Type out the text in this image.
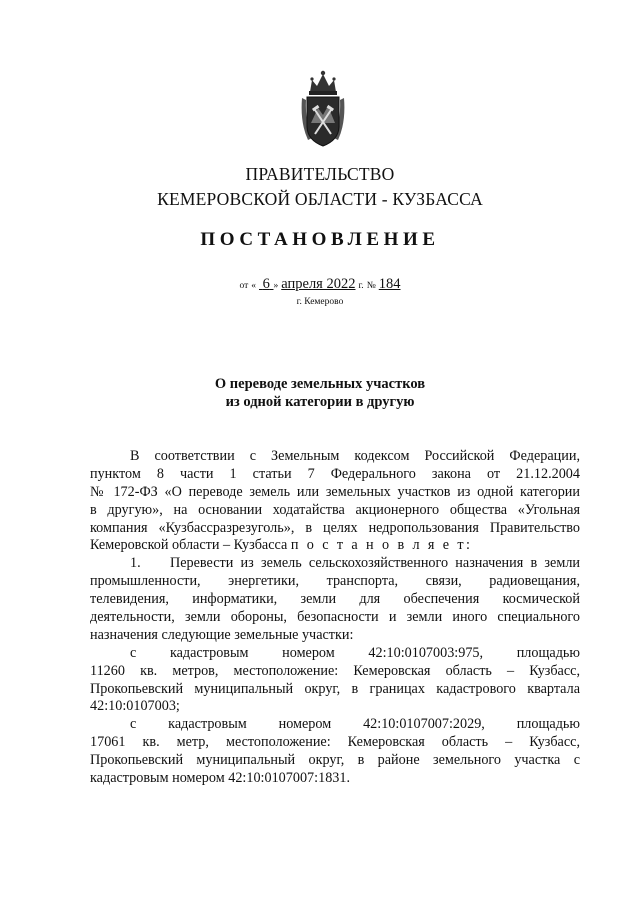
ПРАВИТЕЛЬСТВО
КЕМЕРОВСКОЙ ОБЛАСТИ - КУЗБАССА
ПОСТАНОВЛЕНИЕ
от « 6 » апреля 2022 г. № 184
г. Кемерово
О переводе земельных участков
из одной категории в другую
В соответствии с Земельным кодексом Российской Федерации,
пунктом 8 части 1 статьи 7 Федерального закона от 21.12.2004
№ 172-ФЗ «О переводе земель или земельных участков из одной категории
в другую», на основании ходатайства акционерного общества «Угольная
компания «Кузбассразрезуголь», в целях недропользования Правительство
Кемеровской области – Кузбасса п о с т а н о в л я е т:
1. Перевести из земель сельскохозяйственного назначения в земли
промышленности, энергетики, транспорта, связи, радиовещания,
телевидения, информатики, земли для обеспечения космической
деятельности, земли обороны, безопасности и земли иного специального
назначения следующие земельные участки:
с кадастровым номером 42:10:0107003:975, площадью
11260 кв. метров, местоположение: Кемеровская область – Кузбасс,
Прокопьевский муниципальный округ, в границах кадастрового квартала
42:10:0107003;
с кадастровым номером 42:10:0107007:2029, площадью
17061 кв. метр, местоположение: Кемеровская область – Кузбасс,
Прокопьевский муниципальный округ, в районе земельного участка с
кадастровым номером 42:10:0107007:1831.
